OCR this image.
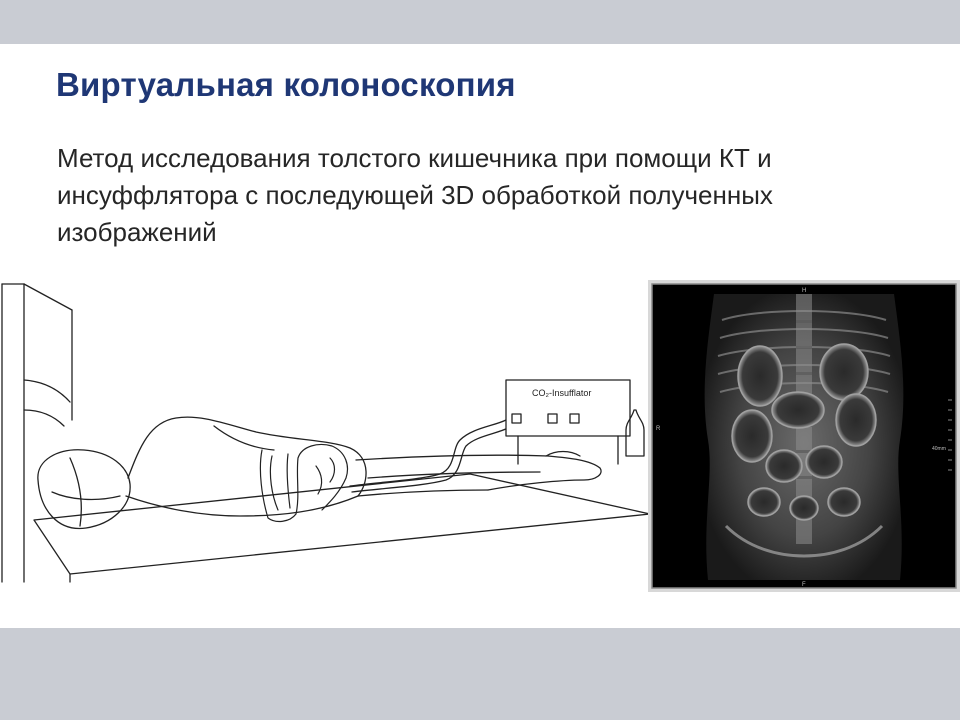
Виртуальная колоноскопия

Метод исследования толстого кишечника при помощи КТ и инсуффлятора с последующей 3D обработкой полученных изображений

CO₂-Insufflator
H
R
40mm
F
